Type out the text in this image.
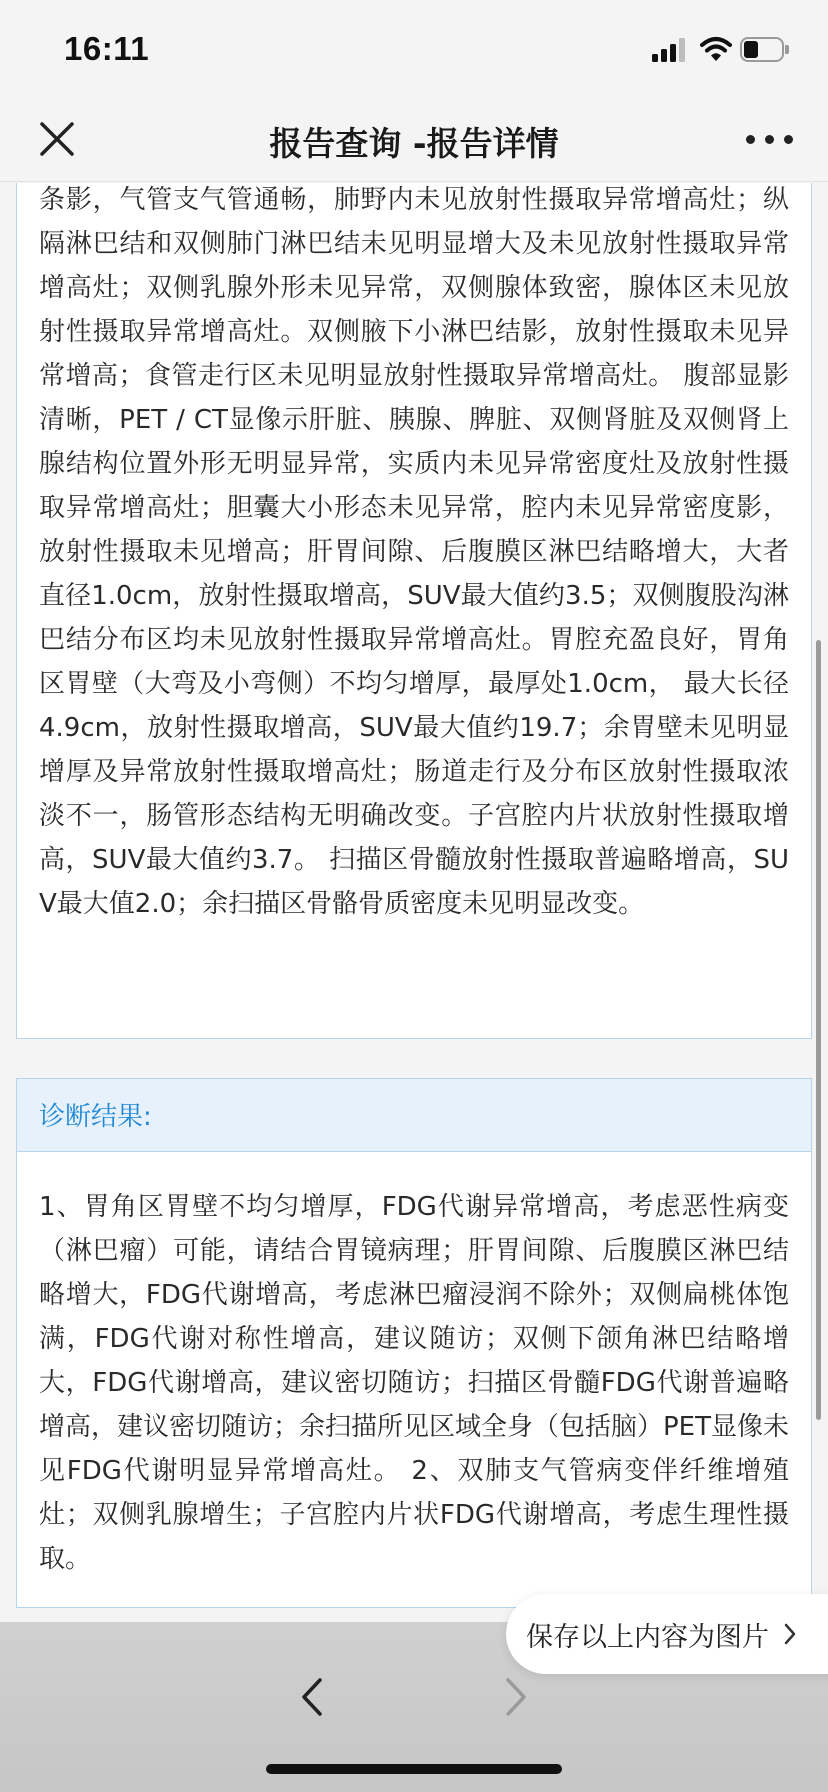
16:11
报告查询 -报告详情
条影，气管支气管通畅，肺野内未见放射性摄取异常增高灶；纵隔淋巴结和双侧肺门淋巴结未见明显增大及未见放射性摄取异常增高灶；双侧乳腺外形未见异常，双侧腺体致密，腺体区未见放射性摄取异常增高灶。双侧腋下小淋巴结影，放射性摄取未见异常增高；食管走行区未见明显放射性摄取异常增高灶。 腹部显影清晰，PET / CT显像示肝脏、胰腺、脾脏、双侧肾脏及双侧肾上腺结构位置外形无明显异常，实质内未见异常密度灶及放射性摄取异常增高灶；胆囊大小形态未见异常，腔内未见异常密度影，放射性摄取未见增高；肝胃间隙、后腹膜区淋巴结略增大，大者直径1.0cm，放射性摄取增高，SUV最大值约3.5；双侧腹股沟淋巴结分布区均未见放射性摄取异常增高灶。胃腔充盈良好，胃角区胃壁（大弯及小弯侧）不均匀增厚，最厚处1.0cm， 最大长径4.9cm，放射性摄取增高，SUV最大值约19.7；余胃壁未见明显增厚及异常放射性摄取增高灶；肠道走行及分布区放射性摄取浓淡不一，肠管形态结构无明确改变。子宫腔内片状放射性摄取增高，SUV最大值约3.7。 扫描区骨髓放射性摄取普遍略增高，SUV最大值2.0；余扫描区骨骼骨质密度未见明显改变。
诊断结果:
1、胃角区胃壁不均匀增厚，FDG代谢异常增高，考虑恶性病变（淋巴瘤）可能，请结合胃镜病理；肝胃间隙、后腹膜区淋巴结略增大，FDG代谢增高，考虑淋巴瘤浸润不除外；双侧扁桃体饱满，FDG代谢对称性增高，建议随访；双侧下颌角淋巴结略增大，FDG代谢增高，建议密切随访；扫描区骨髓FDG代谢普遍略增高，建议密切随访；余扫描所见区域全身（包括脑）PET显像未见FDG代谢明显异常增高灶。 2、双肺支气管病变伴纤维增殖灶；双侧乳腺增生；子宫腔内片状FDG代谢增高，考虑生理性摄取。
保存以上内容为图片
